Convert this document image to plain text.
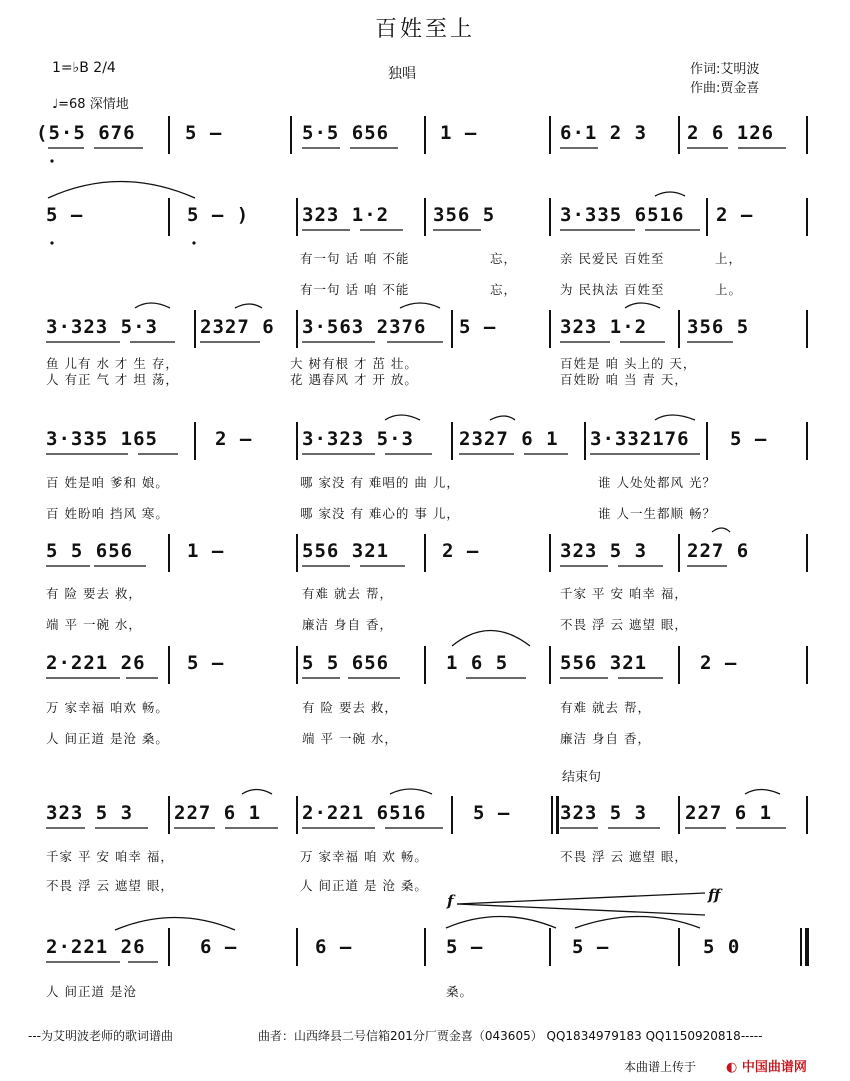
百姓至上
1=♭B 2/4
♩=68 深情地
独唱	作词:艾明波
作曲:贾金喜
(5·5 676	5 –	5·5 656	1 –	6·1 2 3 2 6 126
5 –	5 – )	323 1·2 356 5	3·335 6516 2 –
有一句 话 咱 不能	忘，	亲 民爱民 百姓至	上，
有一句 话 咱 不能	忘，	为 民执法 百姓至	上。
3·323 5·3 2327 6 3·563 2376 5 –	323 1·2 356 5
鱼 儿有 水 才 生 存，	大 树有根 才 茁 壮。	百姓是 咱 头上的 天，
人 有正 气 才 坦 荡，	花 遇春风 才 开 放。	百姓盼 咱 当 青 天，
3·335 165	2 –	3·323 5·3 2327 6 1 3·332176 5 –
百 姓是咱 爹和 娘。	哪 家没 有 难唱的 曲 儿，	谁 人处处都风 光？
百 姓盼咱 挡风 寒。	哪 家没 有 难心的 事 儿，	谁 人一生都顺 畅？
5 5 656	1 –	556 321	2 –	323 5 3 227 6
有 险 要去 救，	有难 就去 帮，	千家 平 安 咱幸 福，
端 平 一碗 水，	廉洁 身自 香，	不畏 浮 云 遮望 眼，
2·221 26 5 –	5 5 656	1 6 5	556 321	2 –
万 家幸福 咱欢 畅。	有 险 要去 救，	有难 就去 帮，
人 间正道 是沧 桑。	端 平 一碗 水，	廉洁 身自 香，
结束句
323 5 3 227 6 1 2·221 6516 5 –	323 5 3 227 6 1
千家 平 安 咱幸 福，	万 家幸福 咱 欢 畅。	不畏 浮 云 遮望 眼，
不畏 浮 云 遮望 眼，	人 间正道 是 沧 桑。
f	ff
2·221 26	6 –	6 –	5 –	5 –	5 0
人 间正道 是沧	桑。
---为艾明波老师的歌词谱曲	曲者：山西绛县二号信箱201分厂贾金喜（043605） QQ1834979183 QQ1150920818-----
本曲谱上传于 ◐ 中国曲谱网
